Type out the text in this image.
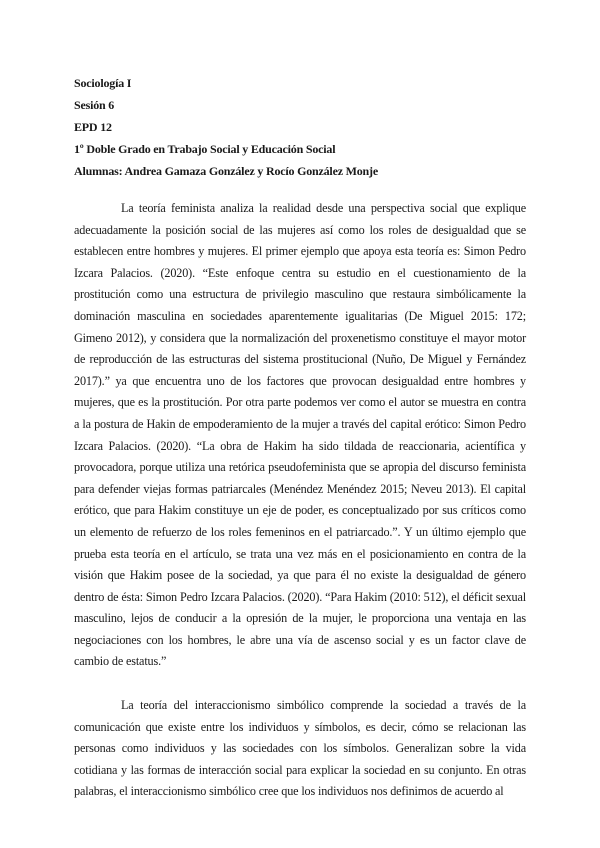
Sociología I
Sesión 6
EPD 12
1º Doble Grado en Trabajo Social y Educación Social
Alumnas: Andrea Gamaza González y Rocío González Monje

La teoría feminista analiza la realidad desde una perspectiva social que explique adecuadamente la posición social de las mujeres así como los roles de desigualdad que se establecen entre hombres y mujeres. El primer ejemplo que apoya esta teoría es: Simon Pedro Izcara Palacios. (2020). “Este enfoque centra su estudio en el cuestionamiento de la prostitución como una estructura de privilegio masculino que restaura simbólicamente la dominación masculina en sociedades aparentemente igualitarias (De Miguel 2015: 172; Gimeno 2012), y considera que la normalización del proxenetismo constituye el mayor motor de reproducción de las estructuras del sistema prostitucional (Nuño, De Miguel y Fernández 2017).” ya que encuentra uno de los factores que provocan desigualdad entre hombres y mujeres, que es la prostitución. Por otra parte podemos ver como el autor se muestra en contra a la postura de Hakin de empoderamiento de la mujer a través del capital erótico: Simon Pedro Izcara Palacios. (2020). “La obra de Hakim ha sido tildada de reaccionaria, acientífica y provocadora, porque utiliza una retórica pseudofeminista que se apropia del discurso feminista para defender viejas formas patriarcales (Menéndez Menéndez 2015; Neveu 2013). El capital erótico, que para Hakim constituye un eje de poder, es conceptualizado por sus críticos como un elemento de refuerzo de los roles femeninos en el patriarcado.”. Y un último ejemplo que prueba esta teoría en el artículo, se trata una vez más en el posicionamiento en contra de la visión que Hakim posee de la sociedad, ya que para él no existe la desigualdad de género dentro de ésta: Simon Pedro Izcara Palacios. (2020). “Para Hakim (2010: 512), el déficit sexual masculino, lejos de conducir a la opresión de la mujer, le proporciona una ventaja en las negociaciones con los hombres, le abre una vía de ascenso social y es un factor clave de cambio de estatus.”

La teoría del interaccionismo simbólico comprende la sociedad a través de la comunicación que existe entre los individuos y símbolos, es decir, cómo se relacionan las personas como individuos y las sociedades con los símbolos. Generalizan sobre la vida cotidiana y las formas de interacción social para explicar la sociedad en su conjunto. En otras palabras, el interaccionismo simbólico cree que los individuos nos definimos de acuerdo al
